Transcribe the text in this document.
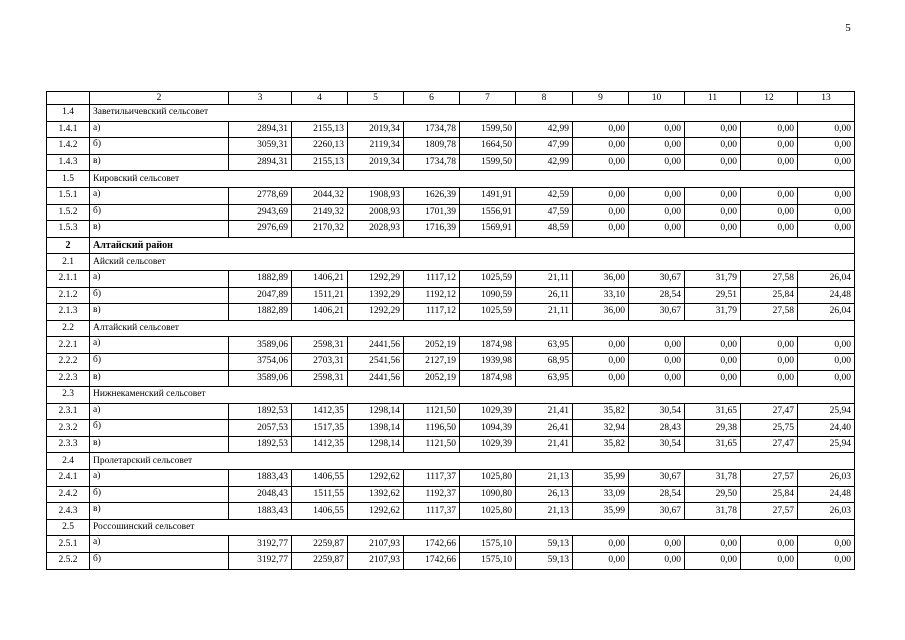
5
	2	3	4	5	6	7	8	9	10	11	12	13
1.4	Заветильичевский сельсовет											
1.4.1	а)	2894,31	2155,13	2019,34	1734,78	1599,50	42,99	0,00	0,00	0,00	0,00	0,00
1.4.2	б)	3059,31	2260,13	2119,34	1809,78	1664,50	47,99	0,00	0,00	0,00	0,00	0,00
1.4.3	в)	2894,31	2155,13	2019,34	1734,78	1599,50	42,99	0,00	0,00	0,00	0,00	0,00
1.5	Кировский сельсовет											
1.5.1	а)	2778,69	2044,32	1908,93	1626,39	1491,91	42,59	0,00	0,00	0,00	0,00	0,00
1.5.2	б)	2943,69	2149,32	2008,93	1701,39	1556,91	47,59	0,00	0,00	0,00	0,00	0,00
1.5.3	в)	2976,69	2170,32	2028,93	1716,39	1569,91	48,59	0,00	0,00	0,00	0,00	0,00
2	Алтайский район											
2.1	Айский сельсовет											
2.1.1	а)	1882,89	1406,21	1292,29	1117,12	1025,59	21,11	36,00	30,67	31,79	27,58	26,04
2.1.2	б)	2047,89	1511,21	1392,29	1192,12	1090,59	26,11	33,10	28,54	29,51	25,84	24,48
2.1.3	в)	1882,89	1406,21	1292,29	1117,12	1025,59	21,11	36,00	30,67	31,79	27,58	26,04
2.2	Алтайский сельсовет											
2.2.1	а)	3589,06	2598,31	2441,56	2052,19	1874,98	63,95	0,00	0,00	0,00	0,00	0,00
2.2.2	б)	3754,06	2703,31	2541,56	2127,19	1939,98	68,95	0,00	0,00	0,00	0,00	0,00
2.2.3	в)	3589,06	2598,31	2441,56	2052,19	1874,98	63,95	0,00	0,00	0,00	0,00	0,00
2.3	Нижнекаменский сельсовет											
2.3.1	а)	1892,53	1412,35	1298,14	1121,50	1029,39	21,41	35,82	30,54	31,65	27,47	25,94
2.3.2	б)	2057,53	1517,35	1398,14	1196,50	1094,39	26,41	32,94	28,43	29,38	25,75	24,40
2.3.3	в)	1892,53	1412,35	1298,14	1121,50	1029,39	21,41	35,82	30,54	31,65	27,47	25,94
2.4	Пролетарский сельсовет											
2.4.1	а)	1883,43	1406,55	1292,62	1117,37	1025,80	21,13	35,99	30,67	31,78	27,57	26,03
2.4.2	б)	2048,43	1511,55	1392,62	1192,37	1090,80	26,13	33,09	28,54	29,50	25,84	24,48
2.4.3	в)	1883,43	1406,55	1292,62	1117,37	1025,80	21,13	35,99	30,67	31,78	27,57	26,03
2.5	Россошинский сельсовет											
2.5.1	а)	3192,77	2259,87	2107,93	1742,66	1575,10	59,13	0,00	0,00	0,00	0,00	0,00
2.5.2	б)	3192,77	2259,87	2107,93	1742,66	1575,10	59,13	0,00	0,00	0,00	0,00	0,00
